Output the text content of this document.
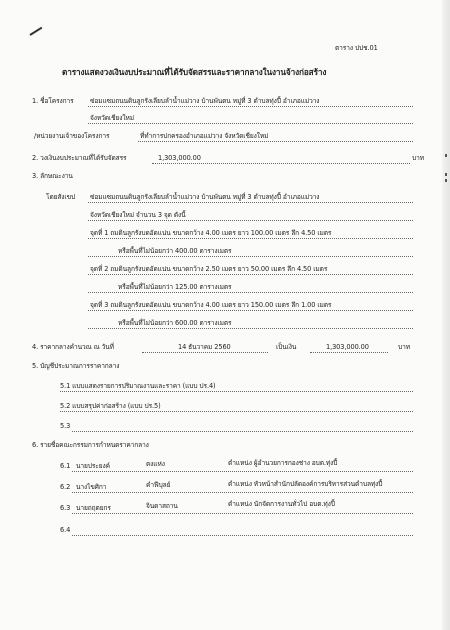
ตาราง ปปช.01
ตารางแสดงวงเงินงบประมาณที่ได้รับจัดสรรและราคากลางในงานจ้างก่อสร้าง
1. ชื่อโครงการ ซ่อมแซมถนนดินลูกรังเลียบลำน้ำแม่วาง บ้านพันตน หมู่ที่ 3 ตำบลทุ่งปี้ อำเภอแม่วาง
จังหวัดเชียงใหม่
/หน่วยงานเจ้าของโครงการ	ที่ทำการปกครองอำเภอแม่วาง จังหวัดเชียงใหม่
2. วงเงินงบประมาณที่ได้รับจัดสรร	1,303,000.00	บาท
3. ลักษณะงาน
โดยสังเขป ซ่อมแซมถนนดินลูกรังเลียบลำน้ำแม่วาง บ้านพันตน หมู่ที่ 3 ตำบลทุ่งปี้ อำเภอแม่วาง
จังหวัดเชียงใหม่ จำนวน 3 จุด ดังนี้
จุดที่ 1 ถมดินลูกรังบดอัดแน่น ขนาดกว้าง 4.00 เมตร ยาว 100.00 เมตร ลึก 4.50 เมตร
หรือพื้นที่ไม่น้อยกว่า 400.00 ตารางเมตร
จุดที่ 2 ถมดินลูกรังบดอัดแน่น ขนาดกว้าง 2.50 เมตร ยาว 50.00 เมตร ลึก 4.50 เมตร
หรือพื้นที่ไม่น้อยกว่า 125.00 ตารางเมตร
จุดที่ 3 ถมดินลูกรังบดอัดแน่น ขนาดกว้าง 4.00 เมตร ยาว 150.00 เมตร ลึก 1.00 เมตร
หรือพื้นที่ไม่น้อยกว่า 600.00 ตารางเมตร
4. ราคากลางคำนวณ ณ วันที่	14 ธันวาคม 2560	เป็นเงิน	1,303,000.00	บาท
5. บัญชีประมาณการราคากลาง
5.1 แบบแสดงรายการปริมาณงานและราคา (แบบ ปร.4)
5.2 แบบสรุปค่าก่อสร้าง (แบบ ปร.5)
5.3
6. รายชื่อคณะกรรมการกำหนดราคากลาง
6.1 นายประยงค์	ตงแห่ง	ตำแหน่ง ผู้อำนวยการกองช่าง อบต.ทุ่งปี้
6.2 นางไขศิกา	คำฟีบุลย์	ตำแหน่ง หัวหน้าสำนักปลัดองค์การบริหารส่วนตำบลทุ่งปี้
6.3 นายถฤตยกร	จินดาสถาน	ตำแหน่ง นักจัดการงานทั่วไป อบต.ทุ่งปี้
6.4
